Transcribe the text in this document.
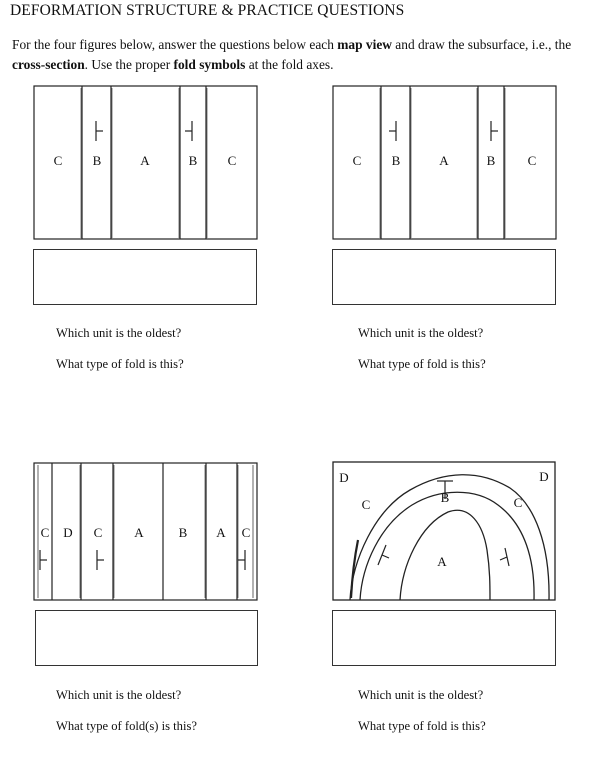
DEFORMATION STRUCTURE & PRACTICE QUESTIONS
For the four figures below, answer the questions below each map view and draw the subsurface, i.e., the cross-section. Use the proper fold symbols at the fold axes.
C B	A	B C
Which unit is the oldest?
What type of fold is this?
C B	A	B C
Which unit is the oldest?
What type of fold is this?
C D C A	B A C
Which unit is the oldest?
What type of fold(s) is this?
D
C	B	C
D
A
Which unit is the oldest?
What type of fold is this?
